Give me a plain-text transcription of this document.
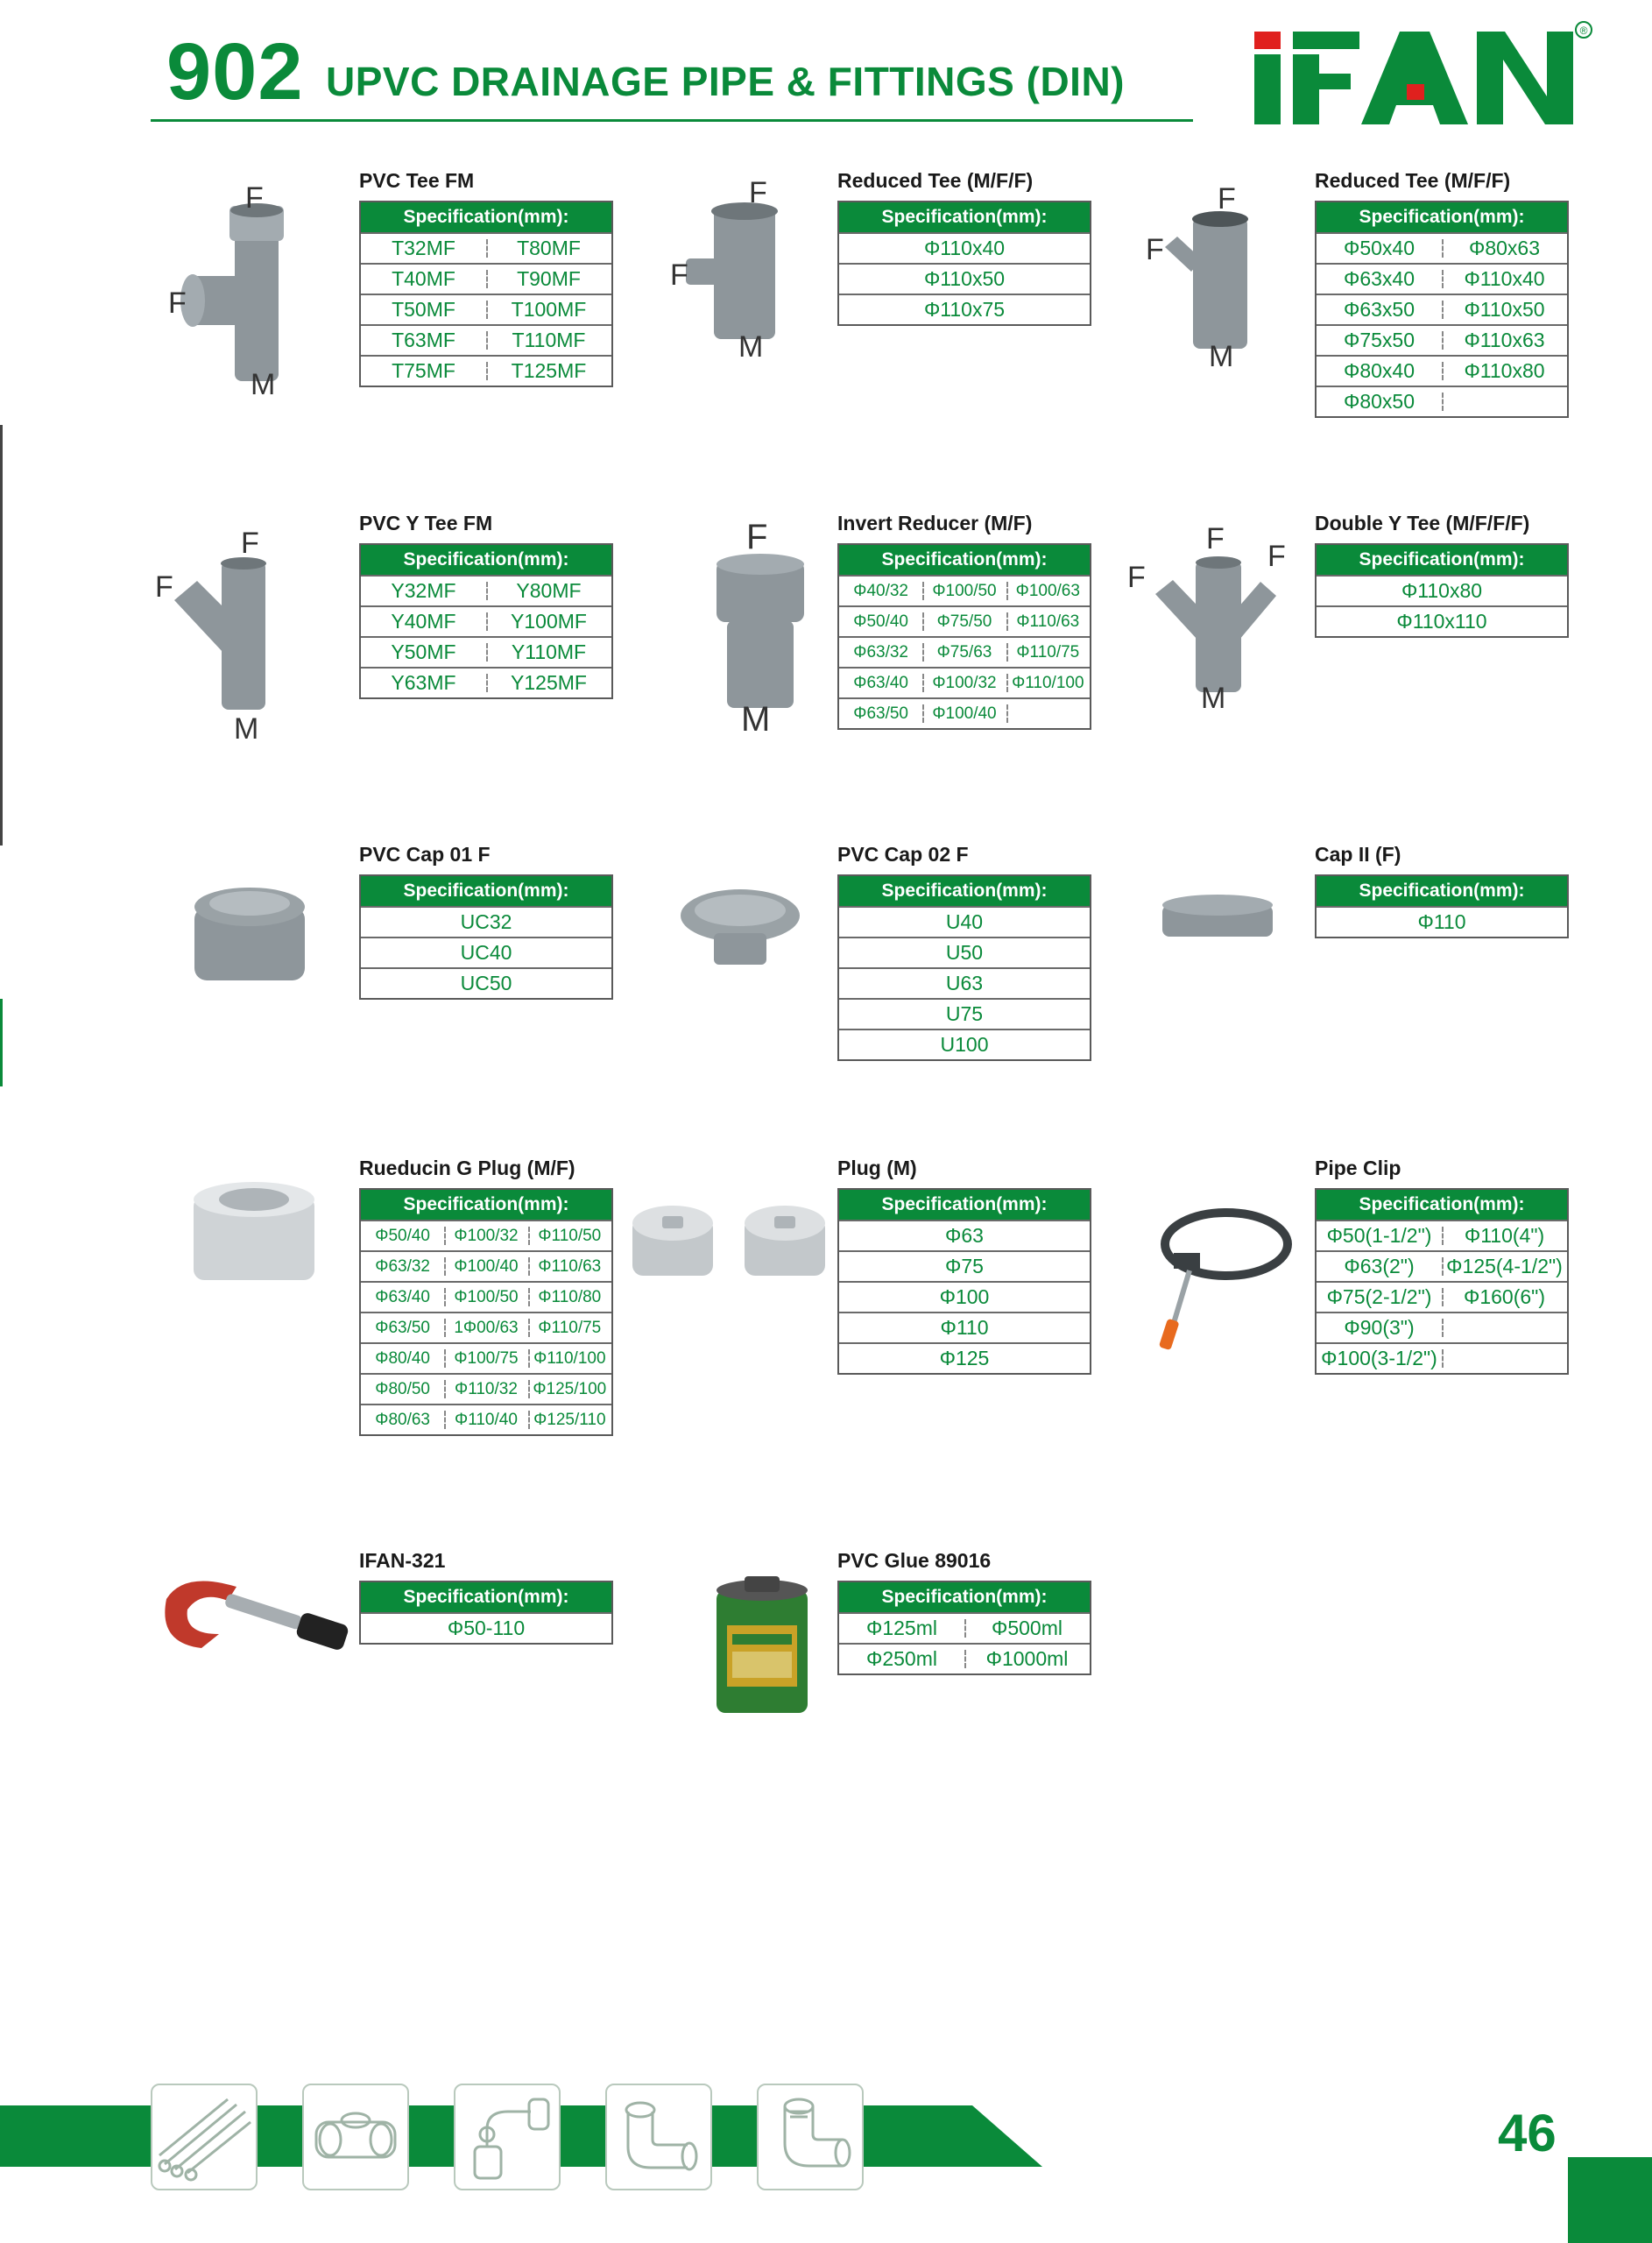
902 UPVC DRAINAGE PIPE & FITTINGS (DIN)
®
F
F
M
PVC Tee FM
Specification(mm):
T32MF	T80MF
T40MF	T90MF
T50MF	T100MF
T63MF	T110MF
T75MF	T125MF
F
F
M
Reduced Tee (M/F/F)
Specification(mm):
Φ110x40
Φ110x50
Φ110x75
F
F
M
Reduced Tee (M/F/F)
Specification(mm):
Φ50x40	Φ80x63
Φ63x40	Φ110x40
Φ63x50	Φ110x50
Φ75x50	Φ110x63
Φ80x40	Φ110x80
Φ80x50
F
F
M
PVC Y Tee FM
Specification(mm):
Y32MF	Y80MF
Y40MF	Y100MF
Y50MF	Y110MF
Y63MF	Y125MF
F
M
Invert Reducer (M/F)
Specification(mm):
Φ40/32	Φ100/50	Φ100/63
Φ50/40	Φ75/50	Φ110/63
Φ63/32	Φ75/63	Φ110/75
Φ63/40	Φ100/32 Φ110/100
Φ63/50	Φ100/40
F
F
F
M
Double Y Tee (M/F/F/F)
Specification(mm):
Φ110x80
Φ110x110
PVC Cap 01 F
Specification(mm):
UC32
UC40
UC50
PVC Cap 02 F
Specification(mm):
U40
U50
U63
U75
U100
Cap II (F)
Specification(mm):
Φ110
Rueducin G Plug (M/F)
Specification(mm):
Φ50/40	Φ100/32	Φ110/50
Φ63/32	Φ100/40	Φ110/63
Φ63/40	Φ100/50	Φ110/80
Φ63/50	1Φ00/63	Φ110/75
Φ80/40	Φ100/75 Φ110/100
Φ80/50	Φ110/32 Φ125/100
Φ80/63	Φ110/40 Φ125/110
Plug (M)
Specification(mm):
Φ63
Φ75
Φ100
Φ110
Φ125
Pipe Clip
Specification(mm):
Φ50(1-1/2")	Φ110(4")
Φ63(2")	Φ125(4-1/2")
Φ75(2-1/2")	Φ160(6")
Φ90(3")
Φ100(3-1/2")
IFAN-321
Specification(mm):
Φ50-110
PVC Glue 89016
Specification(mm):
Φ125ml	Φ500ml
Φ250ml	Φ1000ml
46
